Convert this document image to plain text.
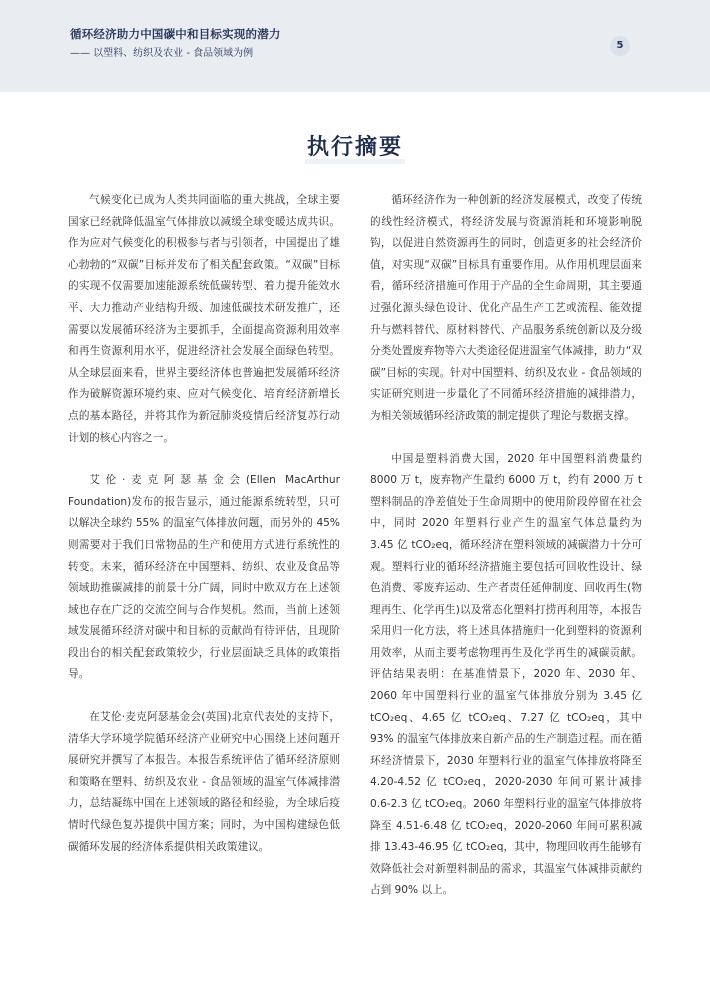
循环经济助力中国碳中和目标实现的潜力
—— 以塑料、纺织及农业 - 食品领域为例
5
执行摘要

气候变化已成为人类共同面临的重大挑战，全球主要国家已经就降低温室气体排放以减缓全球变暖达成共识。作为应对气候变化的积极参与者与引领者，中国提出了雄心勃勃的“双碳”目标并发布了相关配套政策。“双碳”目标的实现不仅需要加速能源系统低碳转型、着力提升能效水平、大力推动产业结构升级、加速低碳技术研发推广，还需要以发展循环经济为主要抓手，全面提高资源利用效率和再生资源利用水平，促进经济社会发展全面绿色转型。从全球层面来看，世界主要经济体也普遍把发展循环经济作为破解资源环境约束、应对气候变化、培育经济新增长点的基本路径，并将其作为新冠肺炎疫情后经济复苏行动计划的核心内容之一。

艾伦·麦克阿瑟基金会(Ellen MacArthur Foundation)发布的报告显示，通过能源系统转型，只可以解决全球约 55% 的温室气体排放问题，而另外的 45% 则需要对于我们日常物品的生产和使用方式进行系统性的转变。未来，循环经济在中国塑料、纺织、农业及食品等领域助推碳减排的前景十分广阔，同时中欧双方在上述领域也存在广泛的交流空间与合作契机。然而，当前上述领域发展循环经济对碳中和目标的贡献尚有待评估，且现阶段出台的相关配套政策较少，行业层面缺乏具体的政策指导。

在艾伦·麦克阿瑟基金会(英国)北京代表处的支持下，清华大学环境学院循环经济产业研究中心围绕上述问题开展研究并撰写了本报告。本报告系统评估了循环经济原则和策略在塑料、纺织及农业 - 食品领域的温室气体减排潜力，总结凝练中国在上述领域的路径和经验，为全球后疫情时代绿色复苏提供中国方案；同时，为中国构建绿色低碳循环发展的经济体系提供相关政策建议。

循环经济作为一种创新的经济发展模式，改变了传统的线性经济模式，将经济发展与资源消耗和环境影响脱钩，以促进自然资源再生的同时，创造更多的社会经济价值，对实现“双碳”目标具有重要作用。从作用机理层面来看，循环经济措施可作用于产品的全生命周期，其主要通过强化源头绿色设计、优化产品生产工艺或流程、能效提升与燃料替代、原材料替代、产品服务系统创新以及分级分类处置废弃物等六大类途径促进温室气体减排，助力“双碳”目标的实现。针对中国塑料、纺织及农业 - 食品领域的实证研究则进一步量化了不同循环经济措施的减排潜力，为相关领域循环经济政策的制定提供了理论与数据支撑。

中国是塑料消费大国，2020 年中国塑料消费量约 8000 万 t，废弃物产生量约 6000 万 t，约有 2000 万 t 塑料制品的净差值处于生命周期中的使用阶段停留在社会中，同时 2020 年塑料行业产生的温室气体总量约为 3.45 亿 tCO₂eq，循环经济在塑料领域的减碳潜力十分可观。塑料行业的循环经济措施主要包括可回收性设计、绿色消费、零废弃运动、生产者责任延伸制度、回收再生(物理再生、化学再生)以及常态化塑料打捞再利用等，本报告采用归一化方法，将上述具体措施归一化到塑料的资源利用效率，从而主要考虑物理再生及化学再生的减碳贡献。评估结果表明：在基准情景下，2020 年、2030 年、2060 年中国塑料行业的温室气体排放分别为 3.45 亿 tCO₂eq、4.65 亿 tCO₂eq、7.27 亿 tCO₂eq，其中 93% 的温室气体排放来自新产品的生产制造过程。而在循环经济情景下，2030 年塑料行业的温室气体排放将降至 4.20-4.52 亿 tCO₂eq，2020-2030 年间可累计减排 0.6-2.3 亿 tCO₂eq。2060 年塑料行业的温室气体排放将降至 4.51-6.48 亿 tCO₂eq，2020-2060 年间可累积减排 13.43-46.95 亿 tCO₂eq，其中，物理回收再生能够有效降低社会对新塑料制品的需求，其温室气体减排贡献约占到 90% 以上。
